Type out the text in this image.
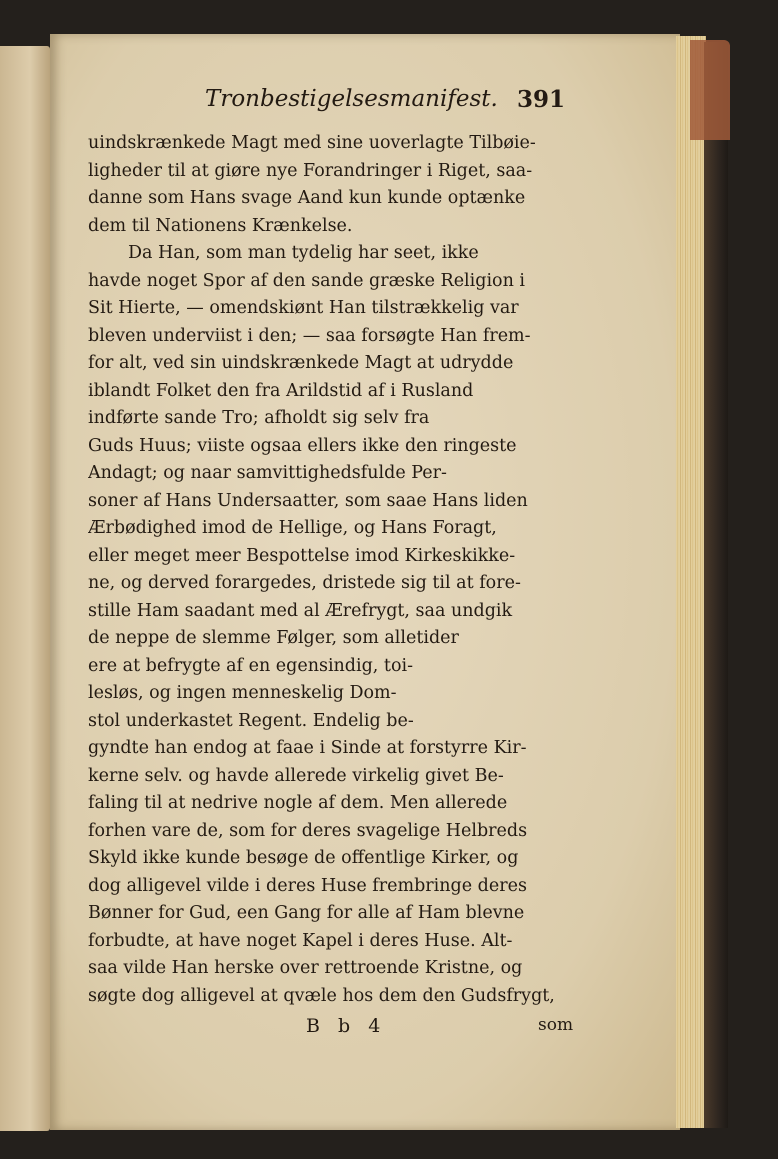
Tronbestigelsesmanifest. 391
uindskrænkede Magt med sine uoverlagte Tilbøie-
ligheder til at giøre nye Forandringer i Riget, saa-
danne som Hans svage Aand kun kunde optænke
dem til Nationens Krænkelse.
Da Han, som man tydelig har seet, ikke
havde noget Spor af den sande græske Religion i
Sit Hierte, — omendskiønt Han tilstrækkelig var
bleven underviist i den; — saa forsøgte Han frem-
for alt, ved sin uindskrænkede Magt at udrydde
iblandt Folket den fra Arildstid af i Rusland
indførte sande Tro; afholdt sig selv fra
Guds Huus; viiste ogsaa ellers ikke den ringeste
Andagt; og naar samvittighedsfulde Per-
soner af Hans Undersaatter, som saae Hans liden
Ærbødighed imod de Hellige, og Hans Foragt,
eller meget meer Bespottelse imod Kirkeskikke-
ne, og derved forargedes, dristede sig til at fore-
stille Ham saadant med al Ærefrygt, saa undgik
de neppe de slemme Følger, som alletider
ere at befrygte af en egensindig, toi-
lesløs, og ingen menneskelig Dom-
stol underkastet Regent. Endelig be-
gyndte han endog at faae i Sinde at forstyrre Kir-
kerne selv. og havde allerede virkelig givet Be-
faling til at nedrive nogle af dem. Men allerede
forhen vare de, som for deres svagelige Helbreds
Skyld ikke kunde besøge de offentlige Kirker, og
dog alligevel vilde i deres Huse frembringe deres
Bønner for Gud, een Gang for alle af Ham blevne
forbudte, at have noget Kapel i deres Huse. Alt-
saa vilde Han herske over rettroende Kristne, og
søgte dog alligevel at qvæle hos dem den Gudsfrygt,
B b 4	som
